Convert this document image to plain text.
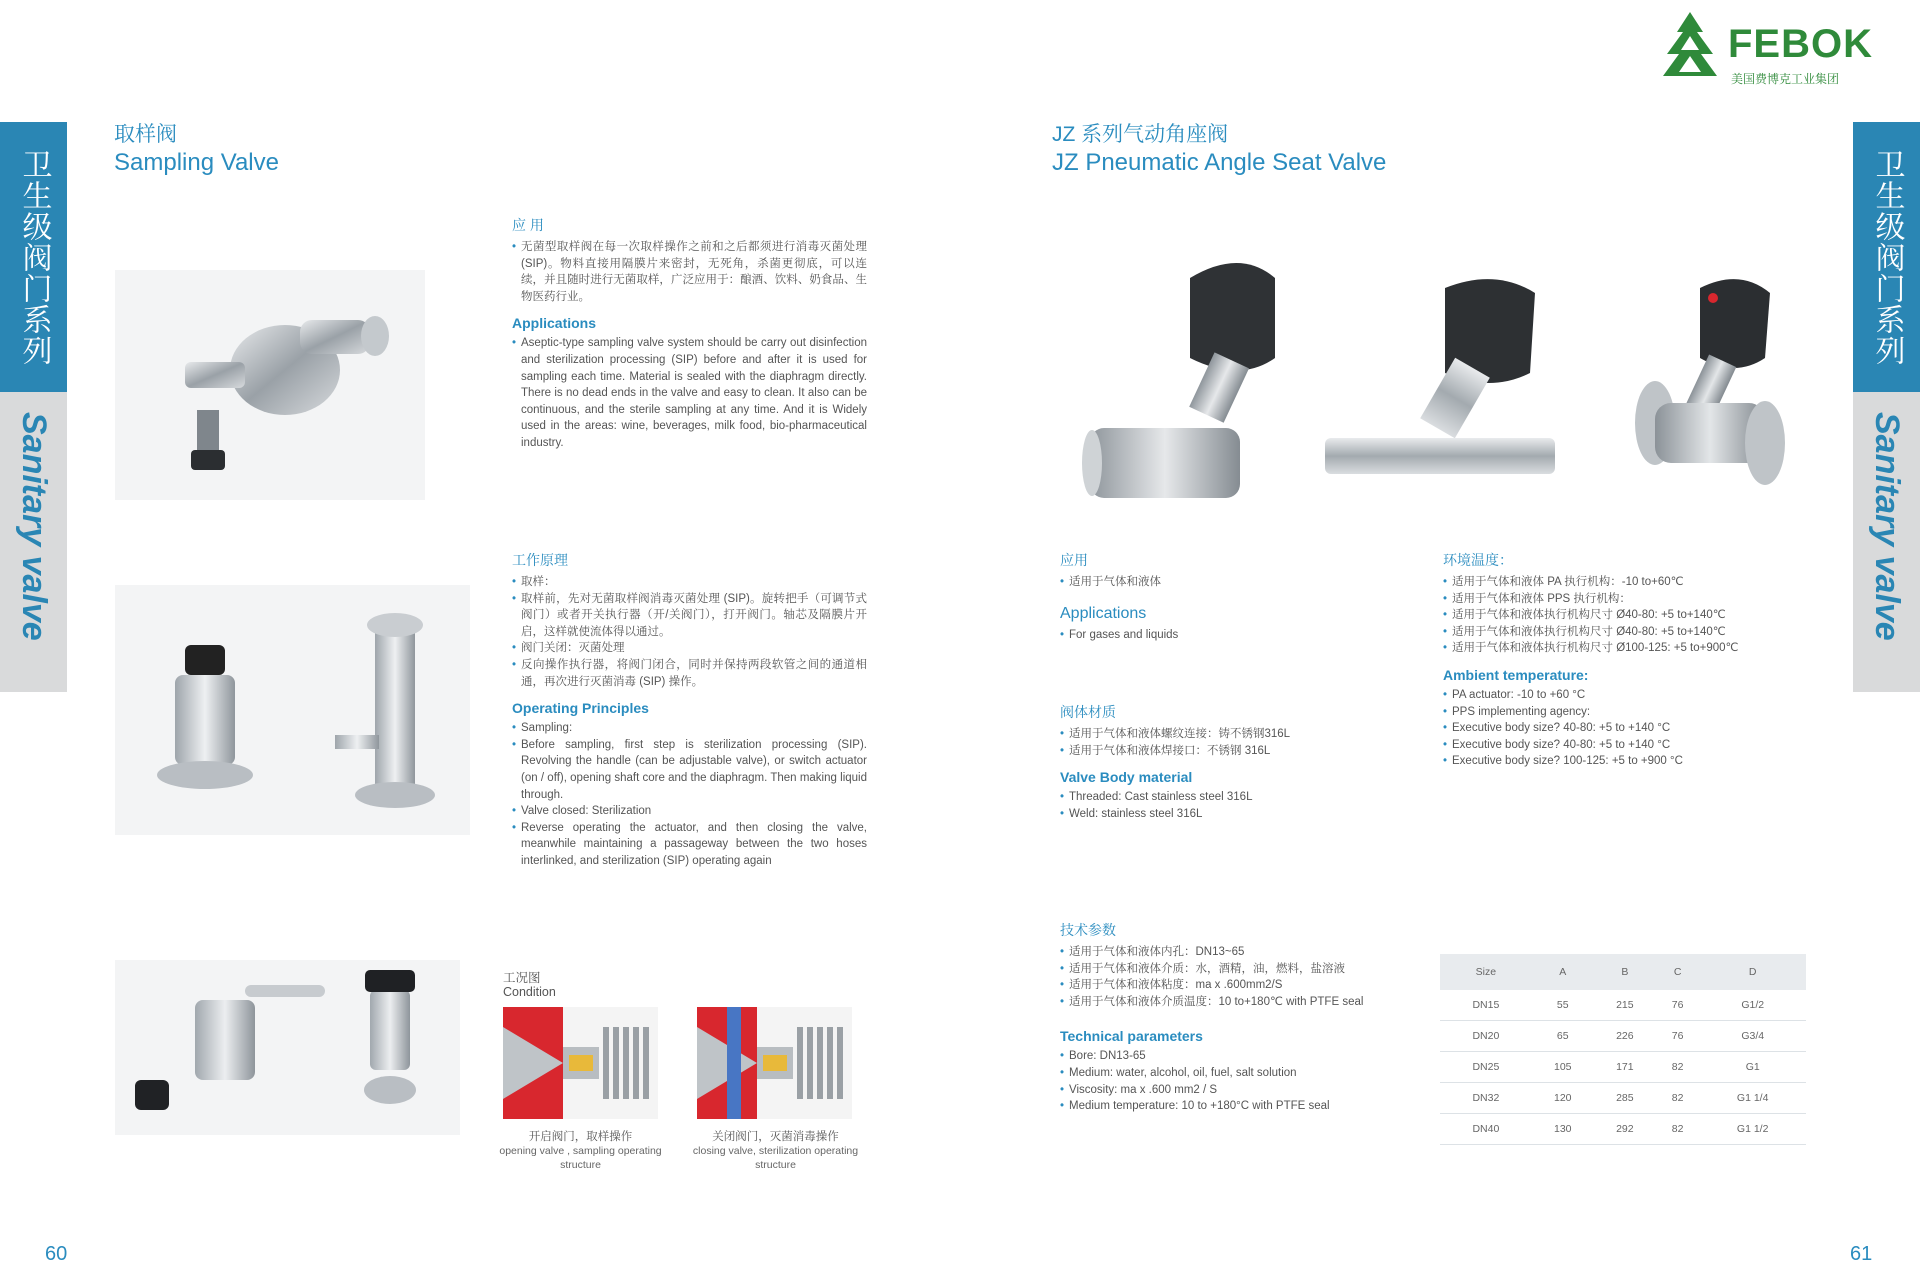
FEBOK
美国费博克工业集团
卫生级阀门系列
Sanitary valve
卫生级阀门系列
Sanitary valve
取样阀
Sampling Valve
应 用

• 无菌型取样阀在每一次取样操作之前和之后都须进行消毒灭菌处理 (SIP)。物料直接用隔膜片来密封，无死角，杀菌更彻底，可以连续，并且随时进行无菌取样，广泛应用于：酿酒、饮料、奶食品、生物医药行业。

Applications

• Aseptic-type sampling valve system should be carry out disinfection and sterilization processing (SIP) before and after it is used for sampling each time. Material is sealed with the diaphragm directly. There is no dead ends in the valve and easy to clean. It also can be continuous, and the sterile sampling at any time. And it is Widely used in the areas: wine, beverages, milk food, bio-pharmaceutical industry.

工作原理

• 取样：

• 取样前，先对无菌取样阀消毒灭菌处理 (SIP)。旋转把手（可调节式阀门）或者开关执行器（开/关阀门），打开阀门。轴芯及隔膜片开启，这样就使流体得以通过。

• 阀门关闭：灭菌处理

• 反向操作执行器，将阀门闭合，同时并保持两段软管之间的通道相通，再次进行灭菌消毒 (SIP) 操作。

Operating Principles

• Sampling:

• Before sampling, first step is sterilization processing (SIP). Revolving the handle (can be adjustable valve), or switch actuator (on / off), opening shaft core and the diaphragm. Then making liquid through.

• Valve closed: Sterilization

• Reverse operating the actuator, and then closing the valve, meanwhile maintaining a passageway between the two hoses interlinked, and sterilization (SIP) operating again

工况图
Condition
开启阀门，取样操作
opening valve , sampling operating structure
关闭阀门，灭菌消毒操作
closing valve, sterilization operating structure
60
JZ 系列气动角座阀
JZ Pneumatic Angle Seat Valve
应用

• 适用于气体和液体

Applications

• For gases and liquids

阀体材质

• 适用于气体和液体螺纹连接：铸不锈钢316L

• 适用于气体和液体焊接口：不锈钢 316L

Valve Body material

• Threaded: Cast stainless steel 316L

• Weld: stainless steel 316L

环境温度：

• 适用于气体和液体 PA 执行机构：-10 to+60℃

• 适用于气体和液体 PPS 执行机构：

• 适用于气体和液体执行机构尺寸 Ø40-80: +5 to+140℃

• 适用于气体和液体执行机构尺寸 Ø40-80: +5 to+140℃

• 适用于气体和液体执行机构尺寸 Ø100-125: +5 to+900℃

Ambient temperature:

• PA actuator: -10 to +60 °C

• PPS implementing agency:

• Executive body size? 40-80: +5 to +140 °C

• Executive body size? 40-80: +5 to +140 °C

• Executive body size? 100-125: +5 to +900 °C

技术参数

• 适用于气体和液体内孔：DN13~65

• 适用于气体和液体介质：水，酒精，油，燃料，盐溶液

• 适用于气体和液体粘度：ma x .600mm2/S

• 适用于气体和液体介质温度：10 to+180℃ with PTFE seal

Technical parameters

• Bore: DN13-65

• Medium: water, alcohol, oil, fuel, salt solution

• Viscosity: ma x .600 mm2 / S

• Medium temperature: 10 to +180°C with PTFE seal

Size	A	B	C	D
DN15	55	215	76	G1/2
DN20	65	226	76	G3/4
DN25	105	171	82	G1
DN32	120	285	82	G1 1/4
DN40	130	292	82	G1 1/2
61
